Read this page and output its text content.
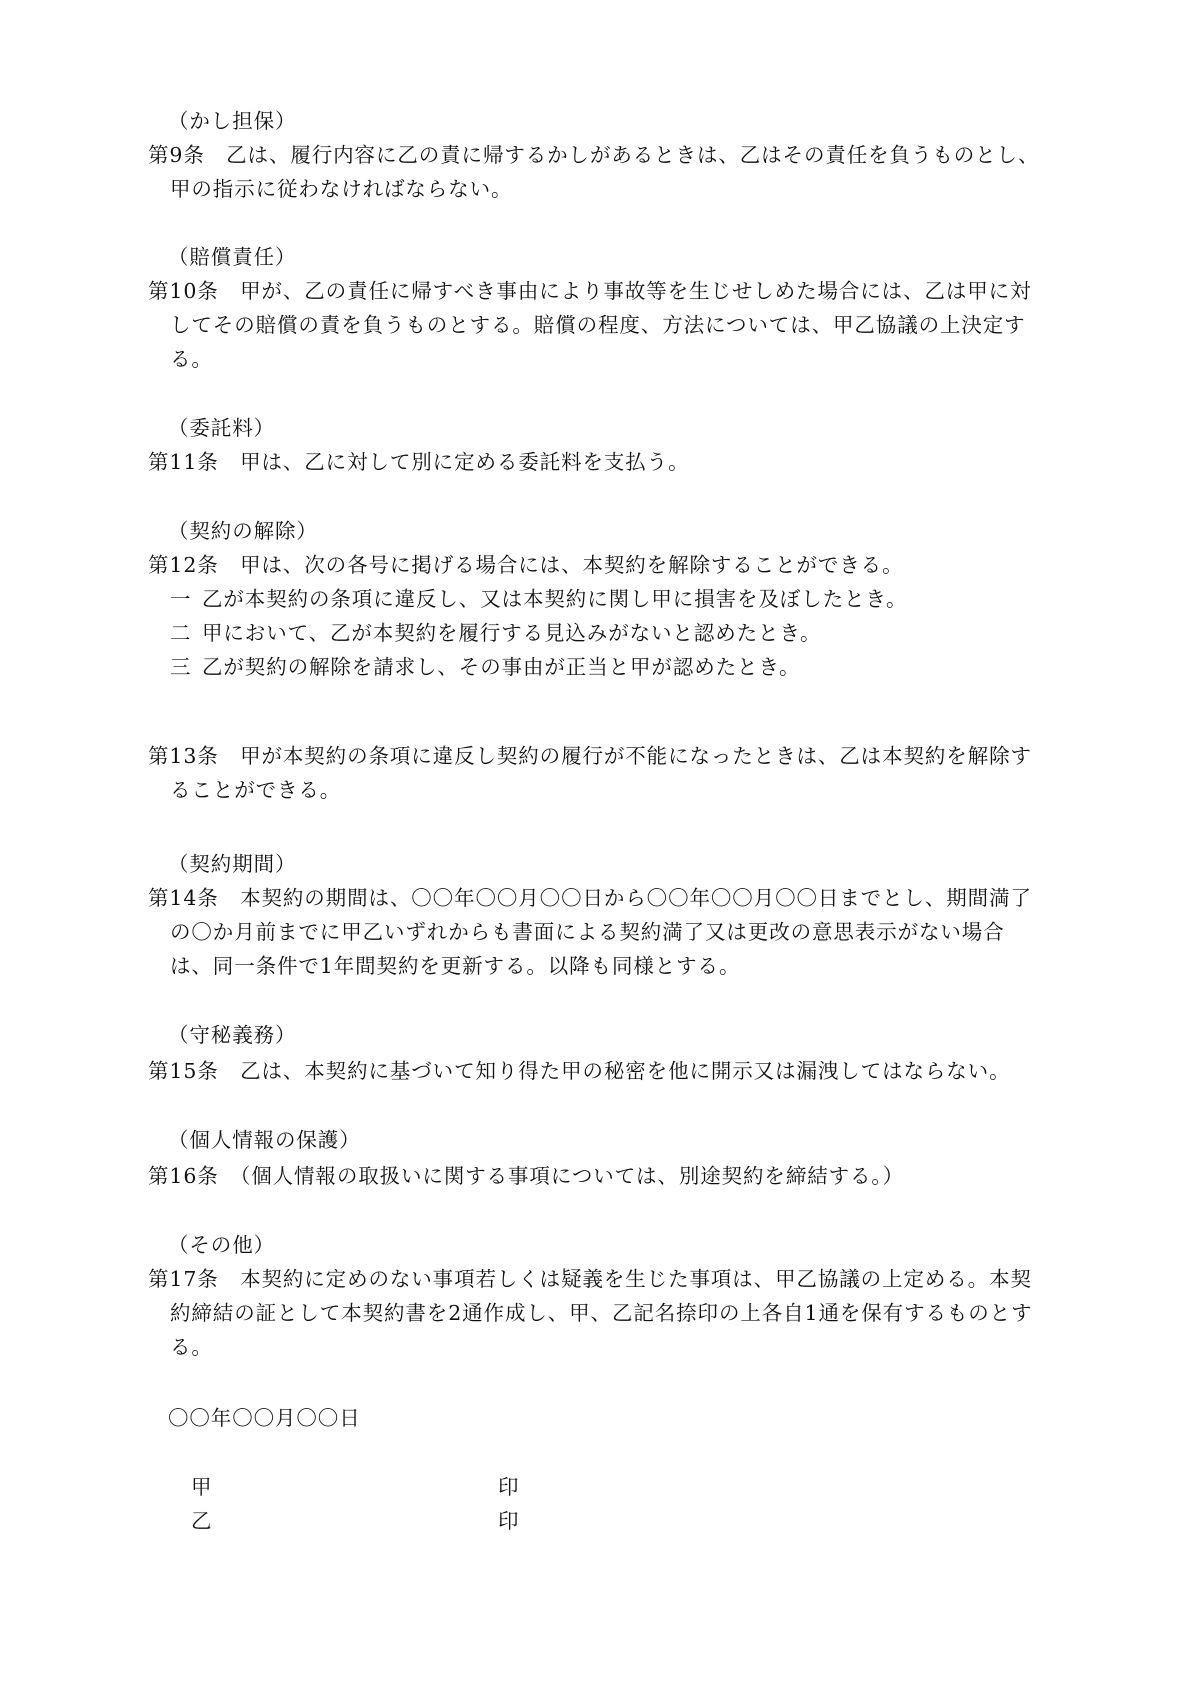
（かし担保）
第9条　乙は、履行内容に乙の責に帰するかしがあるときは、乙はその責任を負うものとし、
甲の指示に従わなければならない。
（賠償責任）
第10条　甲が、乙の責任に帰すべき事由により事故等を生じせしめた場合には、乙は甲に対
してその賠償の責を負うものとする。賠償の程度、方法については、甲乙協議の上決定す
る。
（委託料）
第11条　甲は、乙に対して別に定める委託料を支払う。
（契約の解除）
第12条　甲は、次の各号に掲げる場合には、本契約を解除することができる。
一 乙が本契約の条項に違反し、又は本契約に関し甲に損害を及ぼしたとき。
二 甲において、乙が本契約を履行する見込みがないと認めたとき。
三 乙が契約の解除を請求し、その事由が正当と甲が認めたとき。
第13条　甲が本契約の条項に違反し契約の履行が不能になったときは、乙は本契約を解除す
ることができる。
（契約期間）
第14条　本契約の期間は、〇〇年〇〇月〇〇日から〇〇年〇〇月〇〇日までとし、期間満了
の〇か月前までに甲乙いずれからも書面による契約満了又は更改の意思表示がない場合
は、同一条件で1年間契約を更新する。以降も同様とする。
（守秘義務）
第15条　乙は、本契約に基づいて知り得た甲の秘密を他に開示又は漏洩してはならない。
（個人情報の保護）
第16条　（個人情報の取扱いに関する事項については、別途契約を締結する。）
（その他）
第17条　本契約に定めのない事項若しくは疑義を生じた事項は、甲乙協議の上定める。本契
約締結の証として本契約書を2通作成し、甲、乙記名捺印の上各自1通を保有するものとす
る。
〇〇年〇〇月〇〇日
甲	印
乙	印
